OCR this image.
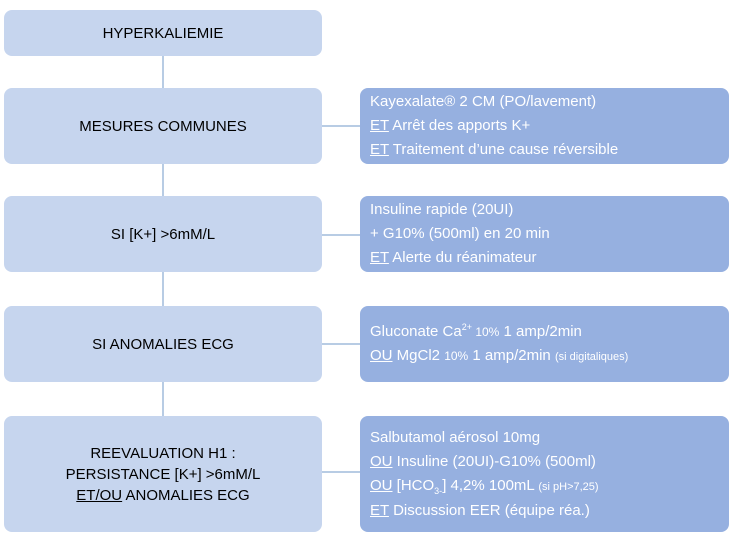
HYPERKALIEMIE
MESURES COMMUNES
Kayexalate® 2 CM (PO/lavement)
ET Arrêt des apports K+
ET Traitement d’une cause réversible
SI [K+] >6mM/L
Insuline rapide (20UI)
+ G10% (500ml) en 20 min
ET Alerte du réanimateur
SI ANOMALIES ECG
Gluconate $Ca^{2+}$ 10% 1 amp/2min
OU MgCl2 10% 1 amp/2min (si digitaliques)
REEVALUATION H1 :
PERSISTANCE [K+] >6mM/L
ET/OU ANOMALIES ECG
Salbutamol aérosol 10mg
OU Insuline (20UI)-G10% (500ml)
OU $[HCO_{3-}]$ 4,2% 100mL (si pH>7,25)
ET Discussion EER (équipe réa.)
